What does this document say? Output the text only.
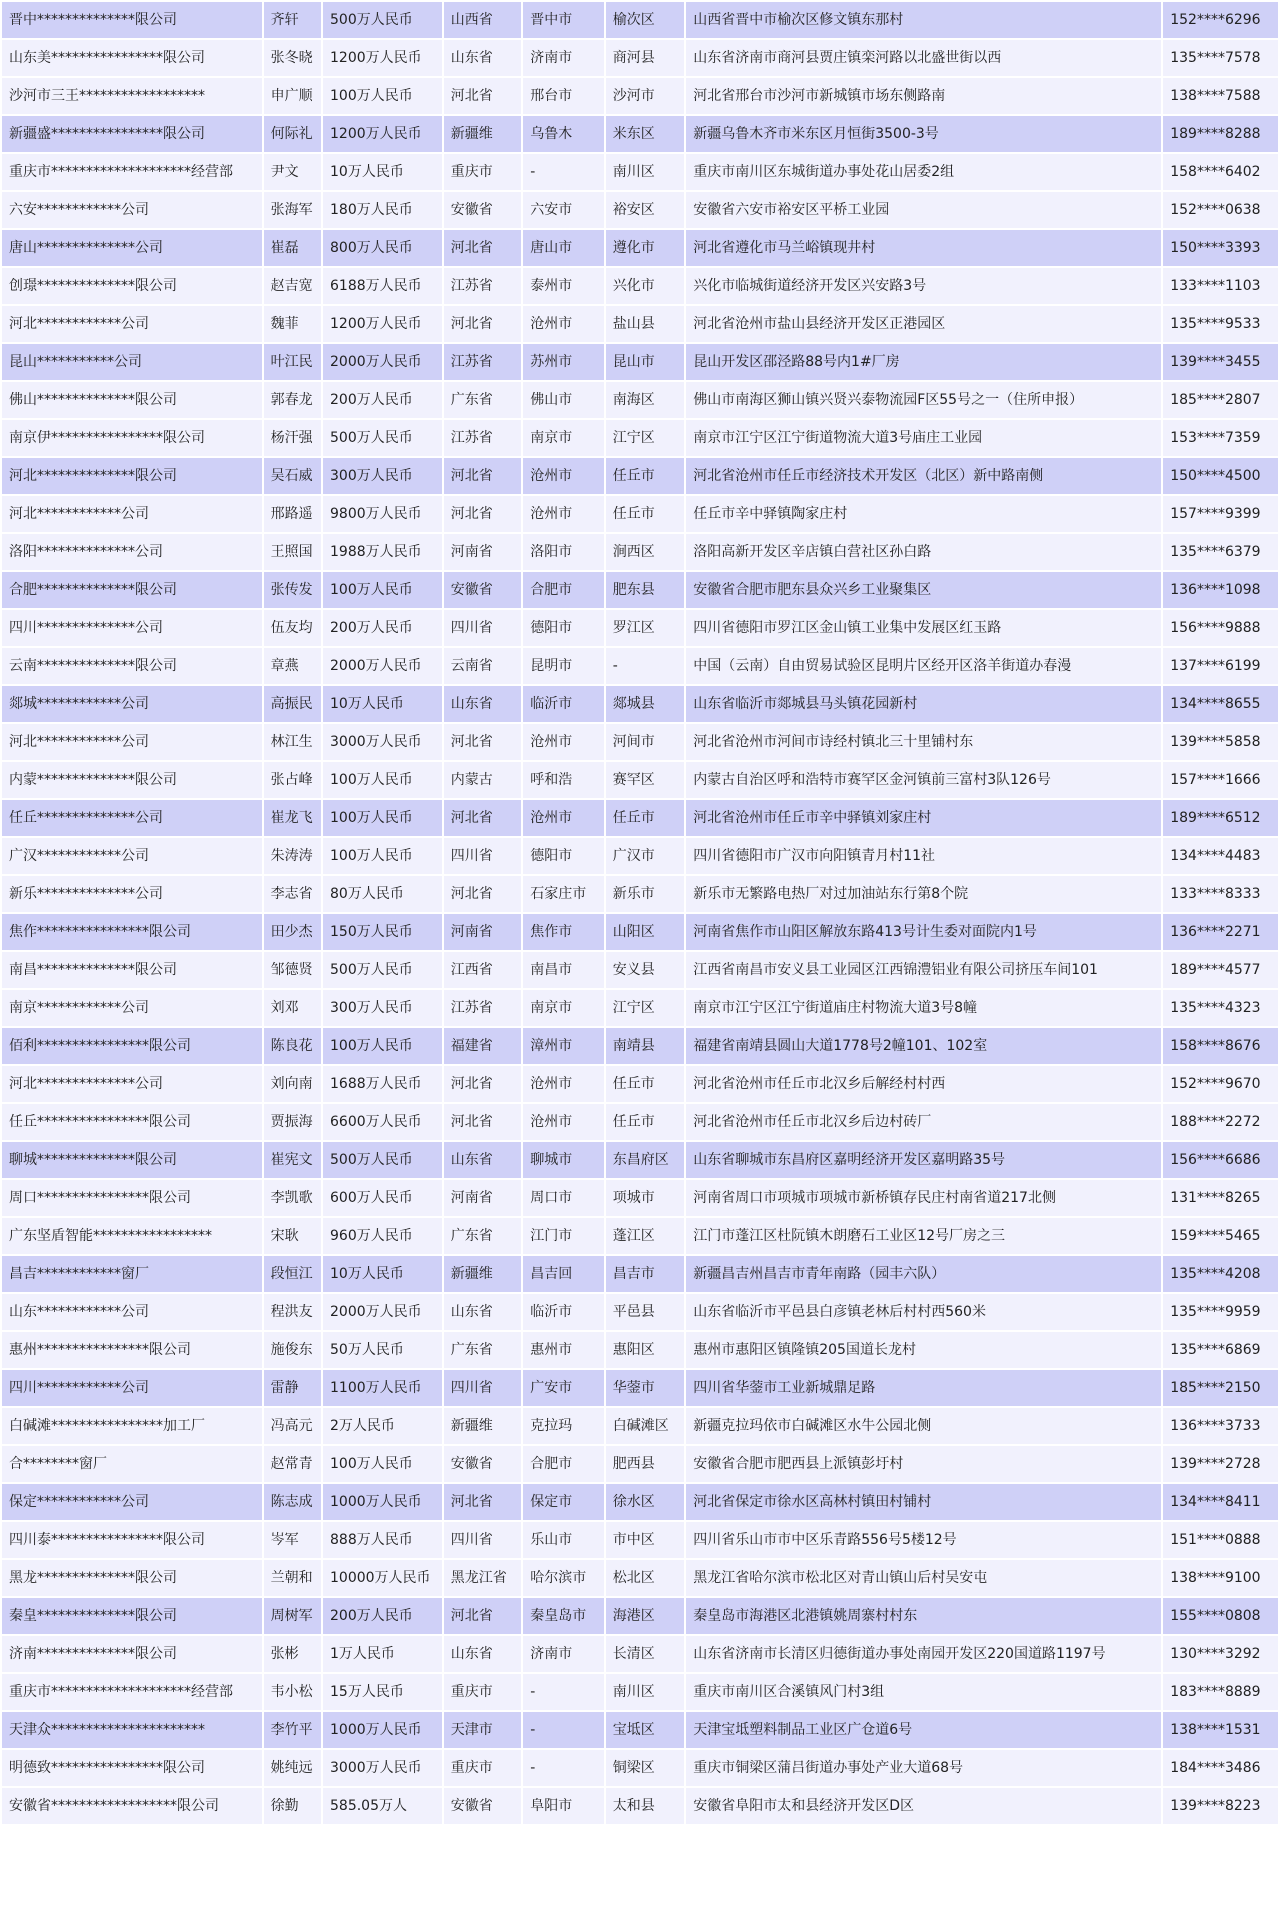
晋中**************限公司	齐轩	500万人民币	山西省	晋中市	榆次区	山西省晋中市榆次区修文镇东那村	152****6296
山东美****************限公司	张冬晓	1200万人民币	山东省	济南市	商河县	山东省济南市商河县贾庄镇栾河路以北盛世街以西	135****7578
沙河市三王******************	申广顺	100万人民币	河北省	邢台市	沙河市	河北省邢台市沙河市新城镇市场东侧路南	138****7588
新疆盛****************限公司	何际礼	1200万人民币	新疆维	乌鲁木	米东区	新疆乌鲁木齐市米东区月恒街3500-3号	189****8288
重庆市********************经营部	尹文	10万人民币	重庆市	-	南川区	重庆市南川区东城街道办事处花山居委2组	158****6402
六安************公司	张海军	180万人民币	安徽省	六安市	裕安区	安徽省六安市裕安区平桥工业园	152****0638
唐山**************公司	崔磊	800万人民币	河北省	唐山市	遵化市	河北省遵化市马兰峪镇现井村	150****3393
创璟**************限公司	赵吉宽	6188万人民币	江苏省	泰州市	兴化市	兴化市临城街道经济开发区兴安路3号	133****1103
河北************公司	魏菲	1200万人民币	河北省	沧州市	盐山县	河北省沧州市盐山县经济开发区正港园区	135****9533
昆山***********公司	叶江民	2000万人民币	江苏省	苏州市	昆山市	昆山开发区邵泾路88号内1#厂房	139****3455
佛山**************限公司	郭春龙	200万人民币	广东省	佛山市	南海区	佛山市南海区狮山镇兴贤兴泰物流园F区55号之一（住所申报）	185****2807
南京伊****************限公司	杨汗强	500万人民币	江苏省	南京市	江宁区	南京市江宁区江宁街道物流大道3号庙庄工业园	153****7359
河北**************限公司	吴石威	300万人民币	河北省	沧州市	任丘市	河北省沧州市任丘市经济技术开发区（北区）新中路南侧	150****4500
河北************公司	邢路遥	9800万人民币	河北省	沧州市	任丘市	任丘市辛中驿镇陶家庄村	157****9399
洛阳**************公司	王照国	1988万人民币	河南省	洛阳市	涧西区	洛阳高新开发区辛店镇白营社区孙白路	135****6379
合肥**************限公司	张传发	100万人民币	安徽省	合肥市	肥东县	安徽省合肥市肥东县众兴乡工业聚集区	136****1098
四川**************公司	伍友均	200万人民币	四川省	德阳市	罗江区	四川省德阳市罗江区金山镇工业集中发展区红玉路	156****9888
云南**************限公司	章燕	2000万人民币	云南省	昆明市	-	中国（云南）自由贸易试验区昆明片区经开区洛羊街道办春漫	137****6199
郯城************公司	高振民	10万人民币	山东省	临沂市	郯城县	山东省临沂市郯城县马头镇花园新村	134****8655
河北************公司	林江生	3000万人民币	河北省	沧州市	河间市	河北省沧州市河间市诗经村镇北三十里铺村东	139****5858
内蒙**************限公司	张占峰	100万人民币	内蒙古	呼和浩	赛罕区	内蒙古自治区呼和浩特市赛罕区金河镇前三富村3队126号	157****1666
任丘**************公司	崔龙飞	100万人民币	河北省	沧州市	任丘市	河北省沧州市任丘市辛中驿镇刘家庄村	189****6512
广汉************公司	朱涛涛	100万人民币	四川省	德阳市	广汉市	四川省德阳市广汉市向阳镇青月村11社	134****4483
新乐**************公司	李志省	80万人民币	河北省	石家庄市	新乐市	新乐市无繁路电热厂对过加油站东行第8个院	133****8333
焦作****************限公司	田少杰	150万人民币	河南省	焦作市	山阳区	河南省焦作市山阳区解放东路413号计生委对面院内1号	136****2271
南昌**************限公司	邹德贤	500万人民币	江西省	南昌市	安义县	江西省南昌市安义县工业园区江西锦澧铝业有限公司挤压车间101	189****4577
南京************公司	刘邓	300万人民币	江苏省	南京市	江宁区	南京市江宁区江宁街道庙庄村物流大道3号8幢	135****4323
佰利****************限公司	陈良花	100万人民币	福建省	漳州市	南靖县	福建省南靖县圆山大道1778号2幢101、102室	158****8676
河北**************公司	刘向南	1688万人民币	河北省	沧州市	任丘市	河北省沧州市任丘市北汉乡后解经村村西	152****9670
任丘****************限公司	贾振海	6600万人民币	河北省	沧州市	任丘市	河北省沧州市任丘市北汉乡后边村砖厂	188****2272
聊城**************限公司	崔宪文	500万人民币	山东省	聊城市	东昌府区	山东省聊城市东昌府区嘉明经济开发区嘉明路35号	156****6686
周口****************限公司	李凯歌	600万人民币	河南省	周口市	项城市	河南省周口市项城市项城市新桥镇存民庄村南省道217北侧	131****8265
广东坚盾智能*****************	宋耿	960万人民币	广东省	江门市	蓬江区	江门市蓬江区杜阮镇木朗磨石工业区12号厂房之三	159****5465
昌吉************窗厂	段恒江	10万人民币	新疆维	昌吉回	昌吉市	新疆昌吉州昌吉市青年南路（园丰六队）	135****4208
山东************公司	程洪友	2000万人民币	山东省	临沂市	平邑县	山东省临沂市平邑县白彦镇老林后村村西560米	135****9959
惠州****************限公司	施俊东	50万人民币	广东省	惠州市	惠阳区	惠州市惠阳区镇隆镇205国道长龙村	135****6869
四川************公司	雷静	1100万人民币	四川省	广安市	华蓥市	四川省华蓥市工业新城鼎足路	185****2150
白碱滩****************加工厂	冯高元	2万人民币	新疆维	克拉玛	白碱滩区	新疆克拉玛依市白碱滩区水牛公园北侧	136****3733
合********窗厂	赵常青	100万人民币	安徽省	合肥市	肥西县	安徽省合肥市肥西县上派镇彭圩村	139****2728
保定************公司	陈志成	1000万人民币	河北省	保定市	徐水区	河北省保定市徐水区高林村镇田村铺村	134****8411
四川泰****************限公司	岑军	888万人民币	四川省	乐山市	市中区	四川省乐山市市中区乐青路556号5楼12号	151****0888
黑龙**************限公司	兰朝和	10000万人民币	黑龙江省	哈尔滨市	松北区	黑龙江省哈尔滨市松北区对青山镇山后村吴安屯	138****9100
秦皇**************限公司	周树军	200万人民币	河北省	秦皇岛市	海港区	秦皇岛市海港区北港镇姚周寨村村东	155****0808
济南**************限公司	张彬	1万人民币	山东省	济南市	长清区	山东省济南市长清区归德街道办事处南园开发区220国道路1197号	130****3292
重庆市********************经营部	韦小松	15万人民币	重庆市	-	南川区	重庆市南川区合溪镇风门村3组	183****8889
天津众**********************	李竹平	1000万人民币	天津市	-	宝坻区	天津宝坻塑料制品工业区广仓道6号	138****1531
明德致****************限公司	姚纯远	3000万人民币	重庆市	-	铜梁区	重庆市铜梁区蒲吕街道办事处产业大道68号	184****3486
安徽省******************限公司	徐勤	585.05万人	安徽省	阜阳市	太和县	安徽省阜阳市太和县经济开发区D区	139****8223
